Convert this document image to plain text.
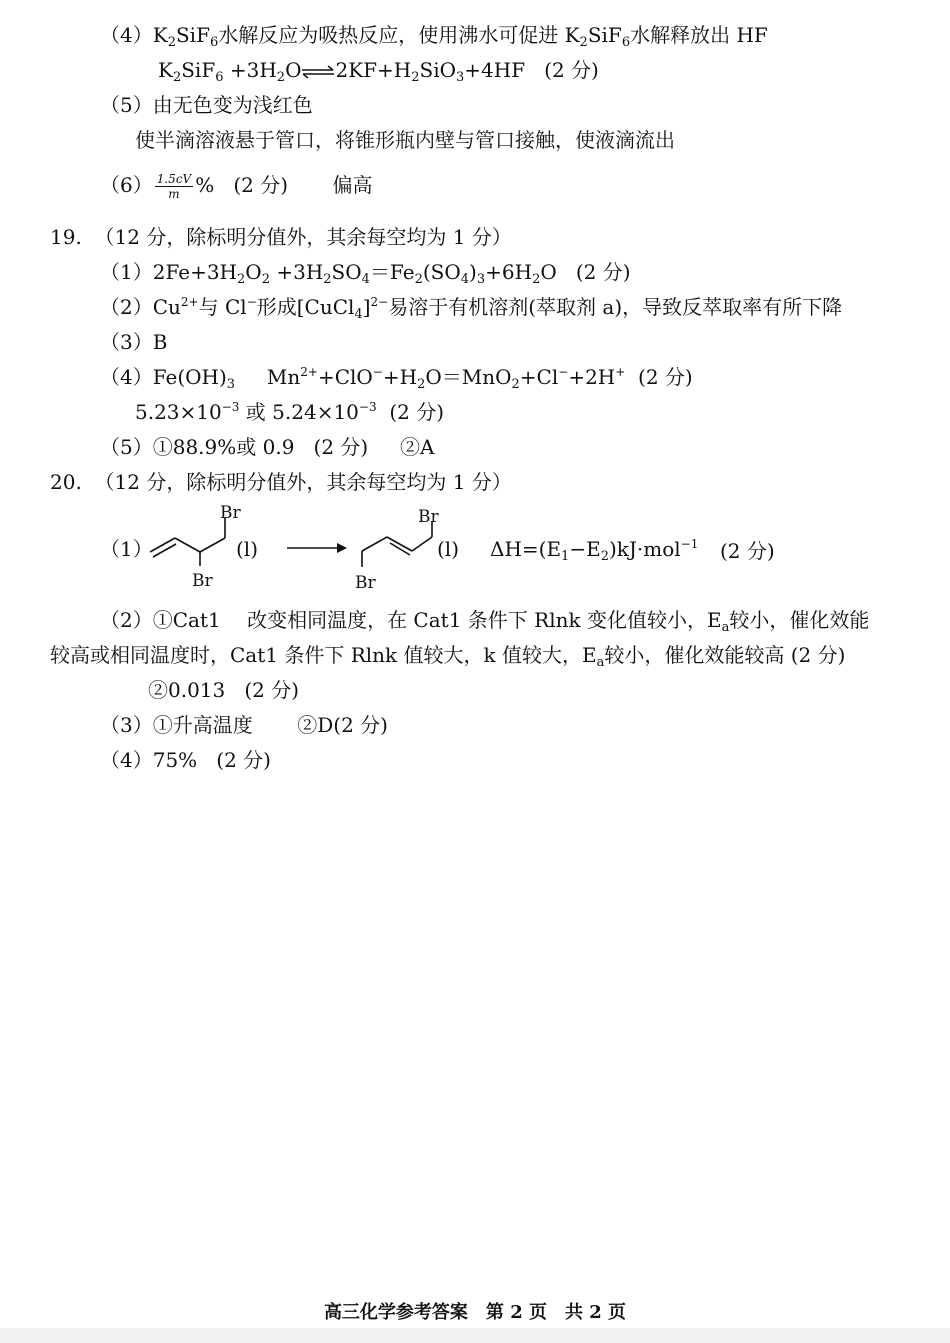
$(4)K_2SiF_6$水解反应为吸热反应，使用沸水可促进 $K_2SiF_6$水解释放出 HF
$K_2SiF_6$ $+3H_2O\rightleftharpoons 2KF+H_2SiO_3+4HF$ (2 分)
（5）由无色变为浅红色
使半滴溶液悬于管口，将锥形瓶内壁与管口接触，使液滴流出
$(6) \frac{1.5cV}{m}$ % (2 分) 偏高
19. （12 分，除标明分值外，其余每空均为 1 分）
$(1)2Fe+3H_2O_2 +3H_2SO_4=Fe_2(SO_4)_3+6H_2O$ (2 分)
$(2)Cu^{2+}$与 Cl−形成[CuCl$_4$]$^{2-}$易溶于有机溶剂(萃取剂 a)，导致反萃取率有所下降
（3）B
$(4)Fe(OH)_3$ $Mn^{2+}+ClO^-+H_2O=MnO_2+Cl^-+2H^+$ (2 分)
$5.23\times 10^{-3}$ 或 $5.24\times 10^{-3}$ (2 分)
（5）①88.9%或 0.9 (2 分) ②A
20. （12 分，除标明分值外，其余每空均为 1 分）
（1）
Br
Br
(l) →
Br
Br
(l) $\Delta H=(E_1-E_2)kJ\cdot mol^{-1}$ (2 分)
（2）①Cat1　 改变相同温度，在 Cat1 条件下 Rlnk 变化值较小，$E_a$较小，催化效能
较高或相同温度时，Cat1 条件下 Rlnk 值较大，k 值较大，$E_a$较小，催化效能较高 (2 分)
②0.013 (2 分)
（3）①升高温度 ②D(2 分)
（4）75% (2 分)
高三化学参考答案　第 2 页　共 2 页
